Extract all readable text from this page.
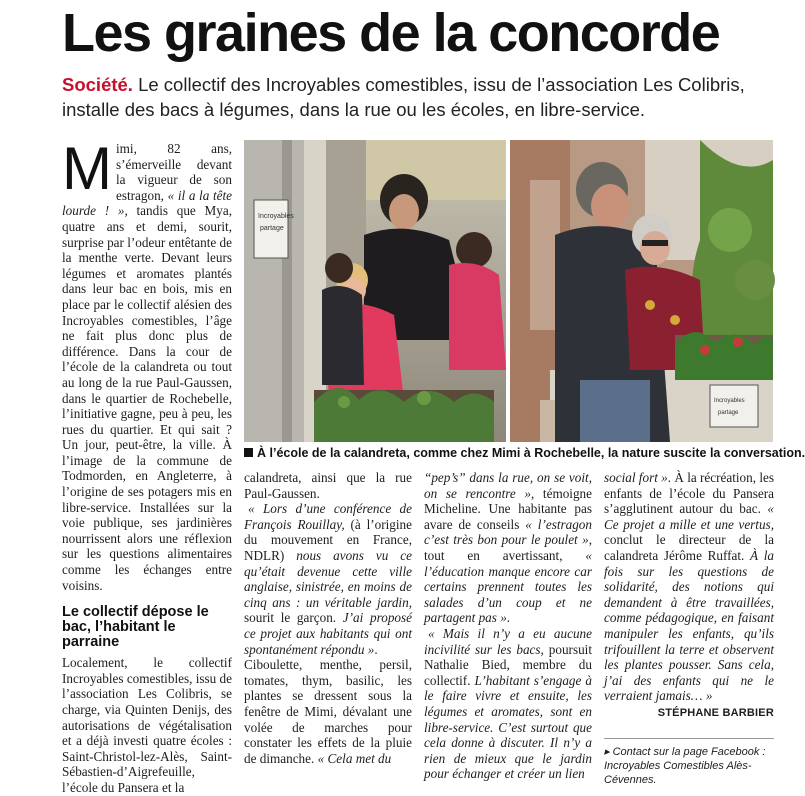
Les graines de la concorde
Société. Le collectif des Incroyables comestibles, issu de l’association Les Colibris, installe des bacs à légumes, dans la rue ou les écoles, en libre-service.

Mimi, 82 ans, s’émerveille devant la vigueur de son estragon, « il a la tête lourde ! », tandis que Mya, quatre ans et demi, sourit, surprise par l’odeur entêtante de la menthe verte. Devant leurs légumes et aromates plantés dans leur bac en bois, mis en place par le collectif alésien des Incroyables comestibles, l’âge ne fait plus donc plus de différence. Dans la cour de l’école de la calandreta ou tout au long de la rue Paul-Gaussen, dans le quartier de Rochebelle, l’initiative gagne, peu à peu, les rues du quartier. Et qui sait ? Un jour, peut-être, la ville. À l’image de la commune de Todmorden, en Angleterre, à l’origine de ses potagers mis en libre-service. Installées sur la voie publique, ses jardinières nourrissent alors une réflexion sur les questions alimentaires comme les échanges entre voisins.

Le collectif dépose le bac, l’habitant le parraine

Localement, le collectif Incroyables comestibles, issu de l’association Les Colibris, se charge, via Quinten Denijs, des autorisations de végétalisation et a déjà investi quatre écoles : Saint-Christol-lez-Alès, Saint-Sébastien-d’Aigrefeuille, l’école du Pansera et la

Incroyables
partage
Incroyables
partage
À l’école de la calandreta, comme chez Mimi à Rochebelle, la nature suscite la conversation.

calandreta, ainsi que la rue Paul-Gaussen.

« Lors d’une conférence de François Rouillay, (à l’origine du mouvement en France, NDLR) nous avons vu ce qu’était devenue cette ville anglaise, sinistrée, en moins de cinq ans : un véritable jardin, sourit le garçon. J’ai proposé ce projet aux habitants qui ont spontanément répondu ».

Ciboulette, menthe, persil, tomates, thym, basilic, les plantes se dressent sous la fenêtre de Mimi, dévalant une volée de marches pour constater les effets de la pluie de dimanche. « Cela met du

“pep’s” dans la rue, on se voit, on se rencontre », témoigne Micheline. Une habitante pas avare de conseils « l’estragon c’est très bon pour le poulet », tout en avertissant, « l’éducation manque encore car certains prennent toutes les salades d’un coup et ne partagent pas ».

« Mais il n’y a eu aucune incivilité sur les bacs, poursuit Nathalie Bied, membre du collectif. L’habitant s’engage à le faire vivre et ensuite, les légumes et aromates, sont en libre-service. C’est surtout que cela donne à discuter. Il n’y a rien de mieux que le jardin pour échanger et créer un lien

social fort ». À la récréation, les enfants de l’école du Pansera s’agglutinent autour du bac. « Ce projet a mille et une vertus, conclut le directeur de la calandreta Jérôme Ruffat. À la fois sur les questions de solidarité, des notions qui demandent à être travaillées, comme pédagogique, en faisant manipuler les enfants, qu’ils trifouillent la terre et observent les plantes pousser. Sans cela, j’ai des enfants qui ne le verraient jamais… »

STÉPHANE BARBIER
▸ Contact sur la page Facebook : Incroyables Comestibles Alès-Cévennes.
